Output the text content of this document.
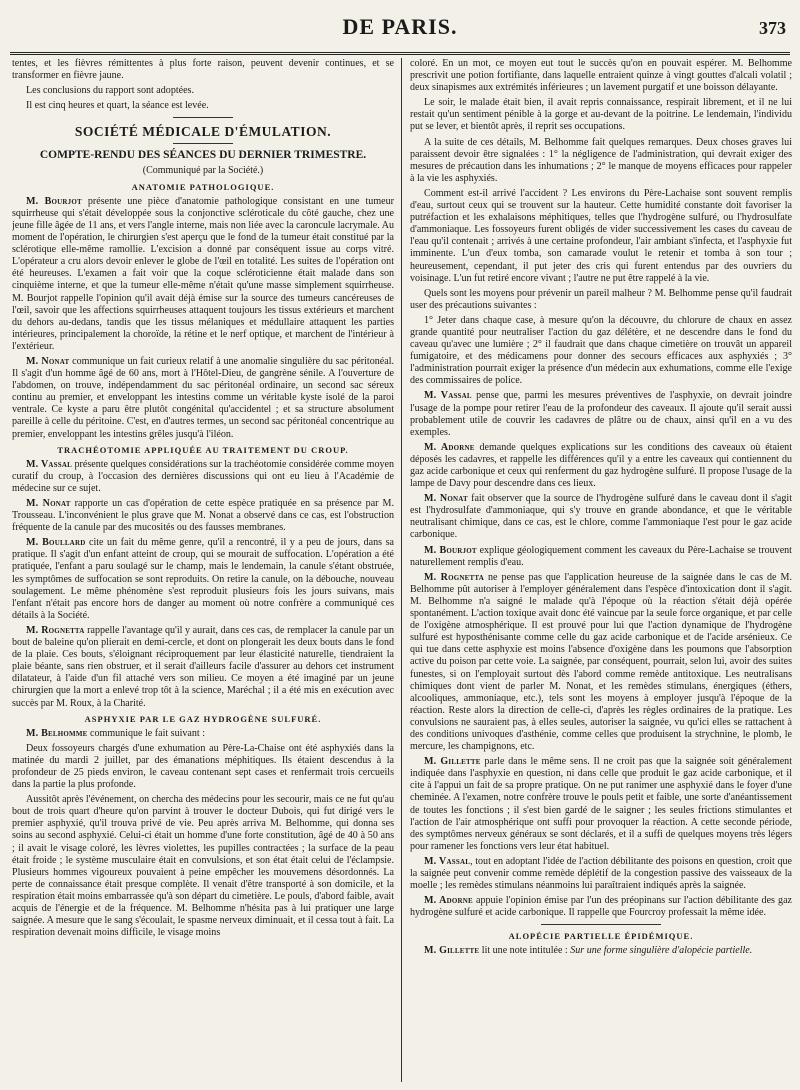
DE PARIS.	373

tentes, et les fièvres rémittentes à plus forte raison, peuvent devenir continues, et se transformer en fièvre jaune.

Les conclusions du rapport sont adoptées.

Il est cinq heures et quart, la séance est levée.

SOCIÉTÉ MÉDICALE D'ÉMULATION.
COMPTE-RENDU DES SÉANCES DU DERNIER TRIMESTRE.
(Communiqué par la Société.)
ANATOMIE PATHOLOGIQUE.

M. Bourjot présente une pièce d'anatomie pathologique consistant en une tumeur squirrheuse qui s'était développée sous la conjonctive scléroticale du côté gauche, chez une jeune fille âgée de 11 ans, et vers l'angle interne, mais non liée avec la caroncule lacrymale. Au moment de l'opération, le chirurgien s'est aperçu que le fond de la tumeur était constitué par la sclérotique elle-même ramollie. L'excision a donné par conséquent issue au corps vitré. L'opérateur a cru alors devoir enlever le globe de l'œil en totalité. Les suites de l'opération ont été heureuses. L'examen a fait voir que la coque scléroticienne était malade dans son cinquième interne, et que la tumeur elle-même n'était qu'une masse simplement squirrheuse. M. Bourjot rappelle l'opinion qu'il avait déjà émise sur la source des tumeurs cancéreuses de l'œil, savoir que les affections squirrheuses attaquent toujours les tissus extérieurs et marchent du dehors au-dedans, tandis que les tissus mélaniques et médullaire attaquent les parties intérieures, principalement la choroïde, la rétine et le nerf optique, et marchent de l'intérieur à l'extérieur.

M. Nonat communique un fait curieux relatif à une anomalie singulière du sac péritonéal. Il s'agit d'un homme âgé de 60 ans, mort à l'Hôtel-Dieu, de gangrène sénile. A l'ouverture de l'abdomen, on trouve, indépendamment du sac péritonéal ordinaire, un second sac séreux continu au premier, et enveloppant les intestins comme un véritable kyste isolé de la paroi ventrale. Ce kyste a paru être plutôt congénital qu'accidentel ; et sa structure absolument pareille à celle du péritoine. C'est, en d'autres termes, un second sac péritonéal concentrique au premier, enveloppant les intestins grêles jusqu'à l'iléon.

TRACHÉOTOMIE APPLIQUÉE AU TRAITEMENT DU CROUP.

M. Vassal présente quelques considérations sur la trachéotomie considérée comme moyen curatif du croup, à l'occasion des dernières discussions qui ont eu lieu à l'Académie de médecine sur ce sujet.

M. Nonat rapporte un cas d'opération de cette espèce pratiquée en sa présence par M. Trousseau. L'inconvénient le plus grave que M. Nonat a observé dans ce cas, est l'obstruction fréquente de la canule par des mucosités ou des fausses membranes.

M. Boullard cite un fait du même genre, qu'il a rencontré, il y a peu de jours, dans sa pratique. Il s'agit d'un enfant atteint de croup, qui se mourait de suffocation. L'opération a été pratiquée, l'enfant a paru soulagé sur le champ, mais le lendemain, la canule s'étant obstruée, les symptômes de suffocation se sont reproduits. On retire la canule, on la débouche, nouveau soulagement. Le même phénomène s'est reproduit plusieurs fois les jours suivans, mais l'enfant n'était pas encore hors de danger au moment où notre confrère a communiqué ces détails à la Société.

M. Rognetta rappelle l'avantage qu'il y aurait, dans ces cas, de remplacer la canule par un bout de baleine qu'on plierait en demi-cercle, et dont on plongerait les deux bouts dans le fond de la plaie. Ces bouts, s'éloignant réciproquement par leur élasticité naturelle, tiendraient la plaie béante, sans rien obstruer, et il serait d'ailleurs facile d'assurer au dehors cet instrument dilatateur, à l'aide d'un fil attaché vers son milieu. Ce moyen a été imaginé par un jeune chirurgien que la mort a enlevé trop tôt à la science, Maréchal ; il a été mis en exécution avec succès par M. Roux, à la Charité.

ASPHYXIE PAR LE GAZ HYDROGÈNE SULFURÉ.

M. Belhomme communique le fait suivant :

Deux fossoyeurs chargés d'une exhumation au Père-La-Chaise ont été asphyxiés dans la matinée du mardi 2 juillet, par des émanations méphitiques. Ils étaient descendus à la profondeur de 25 pieds environ, le caveau contenant sept cases et renfermait trois cercueils dans la partie la plus profonde.

Aussitôt après l'événement, on chercha des médecins pour les secourir, mais ce ne fut qu'au bout de trois quart d'heure qu'on parvint à trouver le docteur Dubois, qui fut dirigé vers le premier asphyxié, qu'il trouva privé de vie. Peu après arriva M. Belhomme, qui donna ses soins au second asphyxié. Celui-ci était un homme d'une forte constitution, âgé de 40 à 50 ans ; il avait le visage coloré, les lèvres violettes, les pupilles contractées ; la surface de la peau était froide ; le système musculaire était en convulsions, et son état était celui de l'éclampsie. Plusieurs hommes vigoureux pouvaient à peine empêcher les mouvemens désordonnés. La perte de connaissance était presque complète. Il venait d'être transporté à son domicile, et la respiration était moins embarrassée qu'à son départ du cimetière. Le pouls, d'abord faible, avait acquis de l'énergie et de la fréquence. M. Belhomme n'hésita pas à lui pratiquer une large saignée. A mesure que le sang s'écoulait, le spasme nerveux diminuait, et il cessa tout à fait. La respiration devenait moins difficile, le visage moins

coloré. En un mot, ce moyen eut tout le succès qu'on en pouvait espérer. M. Belhomme prescrivit une potion fortifiante, dans laquelle entraient quinze à vingt gouttes d'alcali volatil ; deux sinapismes aux extrémités inférieures ; un lavement purgatif et une boisson délayante.

Le soir, le malade était bien, il avait repris connaissance, respirait librement, et il ne lui restait qu'un sentiment pénible à la gorge et au-devant de la poitrine. Le lendemain, l'individu put se lever, et bientôt après, il reprit ses occupations.

A la suite de ces détails, M. Belhomme fait quelques remarques. Deux choses graves lui paraissent devoir être signalées : 1° la négligence de l'administration, qui devrait exiger des mesures de précaution dans les inhumations ; 2° le manque de moyens efficaces pour rappeler à la vie les asphyxiés.

Comment est-il arrivé l'accident ? Les environs du Père-Lachaise sont souvent remplis d'eau, surtout ceux qui se trouvent sur la hauteur. Cette humidité constante doit favoriser la putréfaction et les exhalaisons méphitiques, telles que l'hydrogène sulfuré, ou l'hydrosulfate d'ammoniaque. Les fossoyeurs furent obligés de vider successivement les cases du caveau de l'eau qu'il contenait ; arrivés à une certaine profondeur, l'air ambiant s'infecta, et l'asphyxie fut imminente. L'un d'eux tomba, son camarade voulut le retenir et tomba à son tour ; heureusement, cependant, il put jeter des cris qui furent entendus par des ouvriers du voisinage. L'un fut retiré encore vivant ; l'autre ne put être rappelé à la vie.

Quels sont les moyens pour prévenir un pareil malheur ? M. Belhomme pense qu'il faudrait user des précautions suivantes :

1° Jeter dans chaque case, à mesure qu'on la découvre, du chlorure de chaux en assez grande quantité pour neutraliser l'action du gaz délétère, et ne descendre dans le fond du caveau qu'avec une lumière ; 2° il faudrait que dans chaque cimetière on trouvât un appareil fumigatoire, et des médicamens pour donner des secours efficaces aux asphyxiés ; 3° l'administration pourrait exiger la présence d'un médecin aux exhumations, comme elle l'exige des commissaires de police.

M. Vassal pense que, parmi les mesures préventives de l'asphyxie, on devrait joindre l'usage de la pompe pour retirer l'eau de la profondeur des caveaux. Il ajoute qu'il serait aussi probablement utile de couvrir les cadavres de plâtre ou de chaux, ainsi qu'il en a vu des exemples.

M. Adorne demande quelques explications sur les conditions des caveaux où étaient déposés les cadavres, et rappelle les différences qu'il y a entre les caveaux qui contiennent du gaz acide carbonique et ceux qui renferment du gaz hydrogène sulfuré. Il propose l'usage de la lampe de Davy pour descendre dans ces lieux.

M. Nonat fait observer que la source de l'hydrogène sulfuré dans le caveau dont il s'agit est l'hydrosulfate d'ammoniaque, qui s'y trouve en grande abondance, et que le véritable neutralisant chimique, dans ce cas, est le chlore, comme l'ammoniaque l'est pour le gaz acide carbonique.

M. Bourjot explique géologiquement comment les caveaux du Père-Lachaise se trouvent naturellement remplis d'eau.

M. Rognetta ne pense pas que l'application heureuse de la saignée dans le cas de M. Belhomme pût autoriser à l'employer généralement dans l'espèce d'intoxication dont il s'agit. M. Belhomme n'a saigné le malade qu'à l'époque où la réaction s'était déjà opérée spontanément. L'action toxique avait donc été vaincue par la seule force organique, et par celle de l'oxigène atmosphérique. Il est prouvé pour lui que l'action dynamique de l'hydrogène sulfuré est hyposthénisante comme celle du gaz acide carbonique et de l'acide arsénieux. Ce qui tue dans cette asphyxie est moins l'absence d'oxigène dans les poumons que l'absorption active du poison par cette voie. La saignée, par conséquent, pourrait, selon lui, avoir des suites funestes, si on l'employait surtout dès l'abord comme remède antitoxique. Les neutralisans chimiques dont vient de parler M. Nonat, et les remèdes stimulans, énergiques (éthers, alcooliques, ammoniaque, etc.), tels sont les moyens à employer jusqu'à l'époque de la réaction. Reste alors la direction de celle-ci, d'après les règles ordinaires de la pratique. Les convulsions ne sauraient pas, à elles seules, autoriser la saignée, vu qu'ici elles se rattachent à des conditions univoques d'asthénie, comme celles que produisent la strychnine, le plomb, le mercure, les champignons, etc.

M. Gillette parle dans le même sens. Il ne croit pas que la saignée soit généralement indiquée dans l'asphyxie en question, ni dans celle que produit le gaz acide carbonique, et il cite à l'appui un fait de sa propre pratique. On ne put ranimer une asphyxié dans le foyer d'une cheminée. A l'examen, notre confrère trouve le pouls petit et faible, une sorte d'anéantissement de toutes les fonctions ; il s'est bien gardé de le saigner ; les seules frictions stimulantes et l'action de l'air atmosphérique ont suffi pour provoquer la réaction. A cette seconde période, des symptômes nerveux généraux se sont déclarés, et il a suffi de quelques moyens très légers pour ramener les fonctions vers leur état habituel.

M. Vassal, tout en adoptant l'idée de l'action débilitante des poisons en question, croit que la saignée peut convenir comme remède déplétif de la congestion passive des vaisseaux de la moelle ; les remèdes stimulans néanmoins lui paraîtraient indiqués après la saignée.

M. Adorne appuie l'opinion émise par l'un des préopinans sur l'action débilitante des gaz hydrogène sulfuré et acide carbonique. Il rappelle que Fourcroy professait la même idée.

ALOPÉCIE PARTIELLE ÉPIDÉMIQUE.

M. Gillette lit une note intitulée : Sur une forme singulière d'alopécie partielle.
